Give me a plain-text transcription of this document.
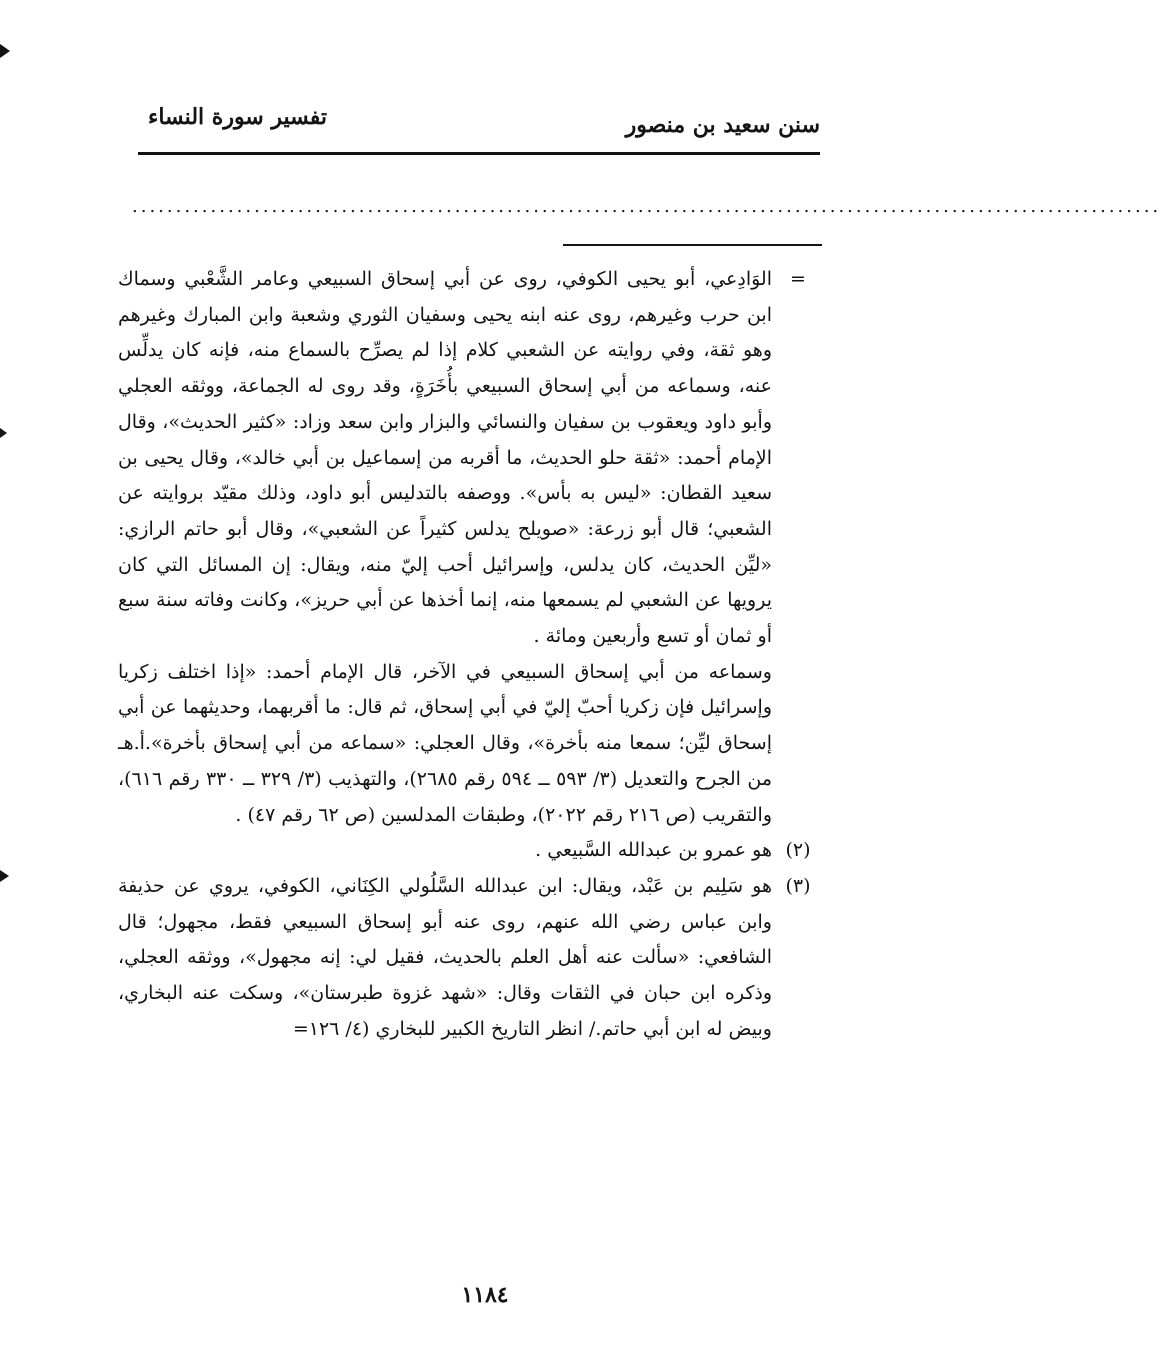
سنن سعيد بن منصور
تفسير سورة النساء
......................................................................................................................
=

الوَادِعي، أبو يحيى الكوفي، روى عن أبي إسحاق السبيعي وعامر الشَّعْبي وسماك ابن حرب وغيرهم، روى عنه ابنه يحيى وسفيان الثوري وشعبة وابن المبارك وغيرهم وهو ثقة، وفي روايته عن الشعبي كلام إذا لم يصرِّح بالسماع منه، فإنه كان يدلِّس عنه، وسماعه من أبي إسحاق السبيعي بأُخَرَةٍ، وقد روى له الجماعة، ووثقه العجلي وأبو داود ويعقوب بن سفيان والنسائي والبزار وابن سعد وزاد: «كثير الحديث»، وقال الإمام أحمد: «ثقة حلو الحديث، ما أقربه من إسماعيل بن أبي خالد»، وقال يحيى بن سعيد القطان: «ليس به بأس». ووصفه بالتدليس أبو داود، وذلك مقيّد بروايته عن الشعبي؛ قال أبو زرعة: «صويلح يدلس كثيراً عن الشعبي»، وقال أبو حاتم الرازي: «ليِّن الحديث، كان يدلس، وإسرائيل أحب إليّ منه، ويقال: إن المسائل التي كان يرويها عن الشعبي لم يسمعها منه، إنما أخذها عن أبي حريز»، وكانت وفاته سنة سبع أو ثمان أو تسع وأربعين ومائة .

وسماعه من أبي إسحاق السبيعي في الآخر، قال الإمام أحمد: «إذا اختلف زكريا وإسرائيل فإن زكريا أحبّ إليّ في أبي إسحاق، ثم قال: ما أقربهما، وحديثهما عن أبي إسحاق ليِّن؛ سمعا منه بأخرة»، وقال العجلي: «سماعه من أبي إسحاق بأخرة».أ.هـ من الجرح والتعديل (٣/ ٥٩٣ ــ ٥٩٤ رقم ٢٦٨٥)، والتهذيب (٣/ ٣٢٩ ــ ٣٣٠ رقم ٦١٦)، والتقريب (ص ٢١٦ رقم ٢٠٢٢)، وطبقات المدلسين (ص ٦٢ رقم ٤٧) .

(٢)

هو عمرو بن عبدالله السَّبيعي .

(٣)

هو سَلِيم بن عَبْد، ويقال: ابن عبدالله السَّلُولي الكِنَاني، الكوفي، يروي عن حذيفة وابن عباس رضي الله عنهم، روى عنه أبو إسحاق السبيعي فقط، مجهول؛ قال الشافعي: «سألت عنه أهل العلم بالحديث، فقيل لي: إنه مجهول»، ووثقه العجلي، وذكره ابن حبان في الثقات وقال: «شهد غزوة طبرستان»، وسكت عنه البخاري، وبيض له ابن أبي حاتم./ انظر التاريخ الكبير للبخاري (٤/ ١٢٦=

١١٨٤
